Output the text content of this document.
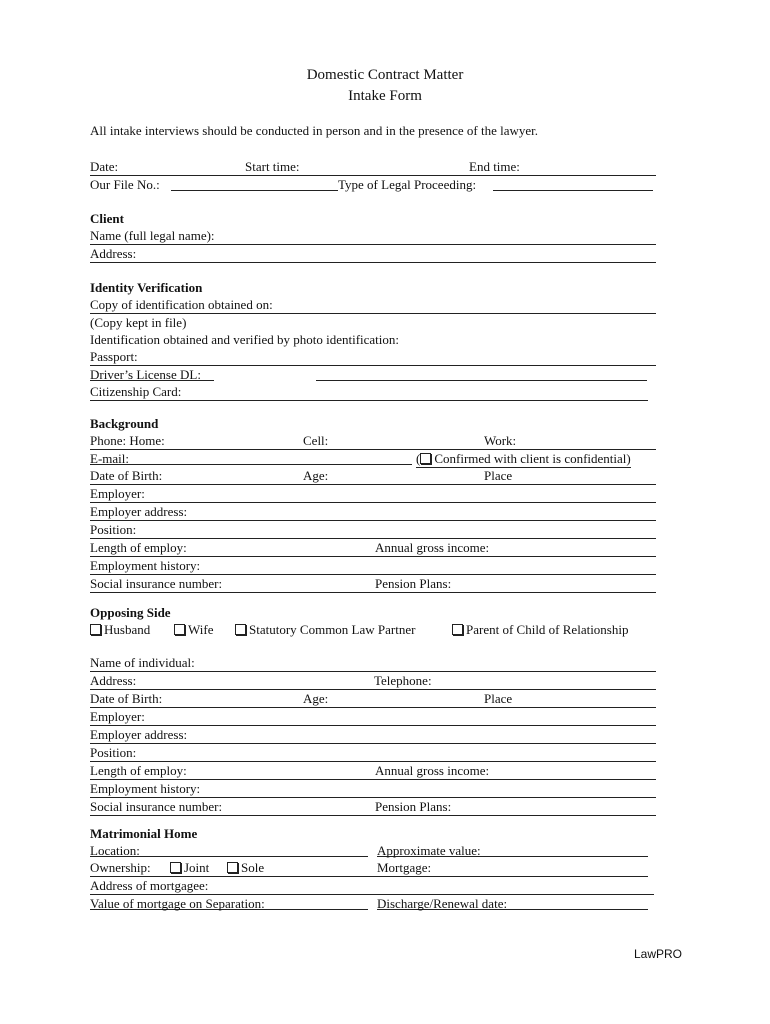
Domestic Contract Matter
Intake Form
All intake interviews should be conducted in person and in the presence of the lawyer.
Date:	Start time:	End time:
Our File No.:	Type of Legal Proceeding:
Client
Name (full legal name):
Address:
Identity Verification
Copy of identification obtained on:
(Copy kept in file)
Identification obtained and verified by photo identification:
Passport:
Driver’s License DL:
Citizenship Card:
Background
Phone: Home:	Cell:	Work:
E-mail:	( Confirmed with client is confidential)
Date of Birth:	Age:	Place
Employer:
Employer address:
Position:
Length of employ:	Annual gross income:
Employment history:
Social insurance number:	Pension Plans:
Opposing Side
Husband	Wife	Statutory Common Law Partner	Parent of Child of Relationship
Name of individual:
Address:	Telephone:
Date of Birth:	Age:	Place
Employer:
Employer address:
Position:
Length of employ:	Annual gross income:
Employment history:
Social insurance number:	Pension Plans:
Matrimonial Home
Location:	Approximate value:
Ownership:	Joint	Sole	Mortgage:
Address of mortgagee:
Value of mortgage on Separation:	Discharge/Renewal date:
LawPRO
